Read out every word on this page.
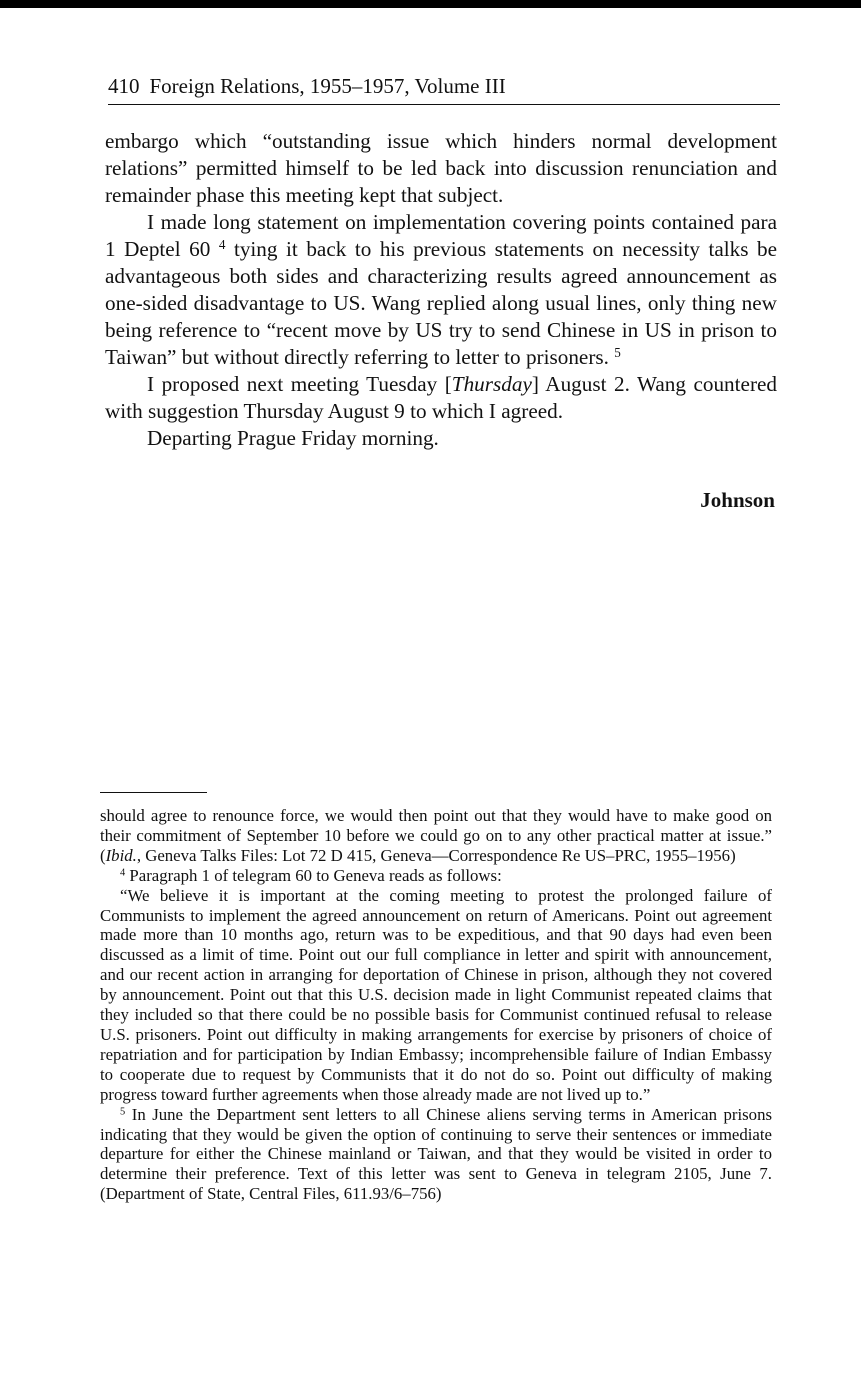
410 Foreign Relations, 1955–1957, Volume III

embargo which “outstanding issue which hinders normal development relations” permitted himself to be led back into discussion renunciation and remainder phase this meeting kept that subject.

I made long statement on implementation covering points contained para 1 Deptel 60 $^4$ tying it back to his previous statements on necessity talks be advantageous both sides and characterizing results agreed announcement as one-sided disadvantage to US. Wang replied along usual lines, only thing new being reference to “recent move by US try to send Chinese in US in prison to Taiwan” but without directly referring to letter to prisoners. $^5$

I proposed next meeting Tuesday [Thursday] August 2. Wang countered with suggestion Thursday August 9 to which I agreed.

Departing Prague Friday morning.

Johnson

should agree to renounce force, we would then point out that they would have to make good on their commitment of September 10 before we could go on to any other practical matter at issue.” (Ibid., Geneva Talks Files: Lot 72 D 415, Geneva—Correspondence Re US–PRC, 1955–1956)

$^4$ Paragraph 1 of telegram 60 to Geneva reads as follows:

“We believe it is important at the coming meeting to protest the prolonged failure of Communists to implement the agreed announcement on return of Americans. Point out agreement made more than 10 months ago, return was to be expeditious, and that 90 days had even been discussed as a limit of time. Point out our full compliance in letter and spirit with announcement, and our recent action in arranging for deportation of Chinese in prison, although they not covered by announcement. Point out that this U.S. decision made in light Communist repeated claims that they included so that there could be no possible basis for Communist continued refusal to release U.S. prisoners. Point out difficulty in making arrangements for exercise by prisoners of choice of repatriation and for participation by Indian Embassy; incomprehensible failure of Indian Embassy to cooperate due to request by Communists that it do not do so. Point out difficulty of making progress toward further agreements when those already made are not lived up to.”

$^5$ In June the Department sent letters to all Chinese aliens serving terms in American prisons indicating that they would be given the option of continuing to serve their sentences or immediate departure for either the Chinese mainland or Taiwan, and that they would be visited in order to determine their preference. Text of this letter was sent to Geneva in telegram 2105, June 7. (Department of State, Central Files, 611.93/6–756)
